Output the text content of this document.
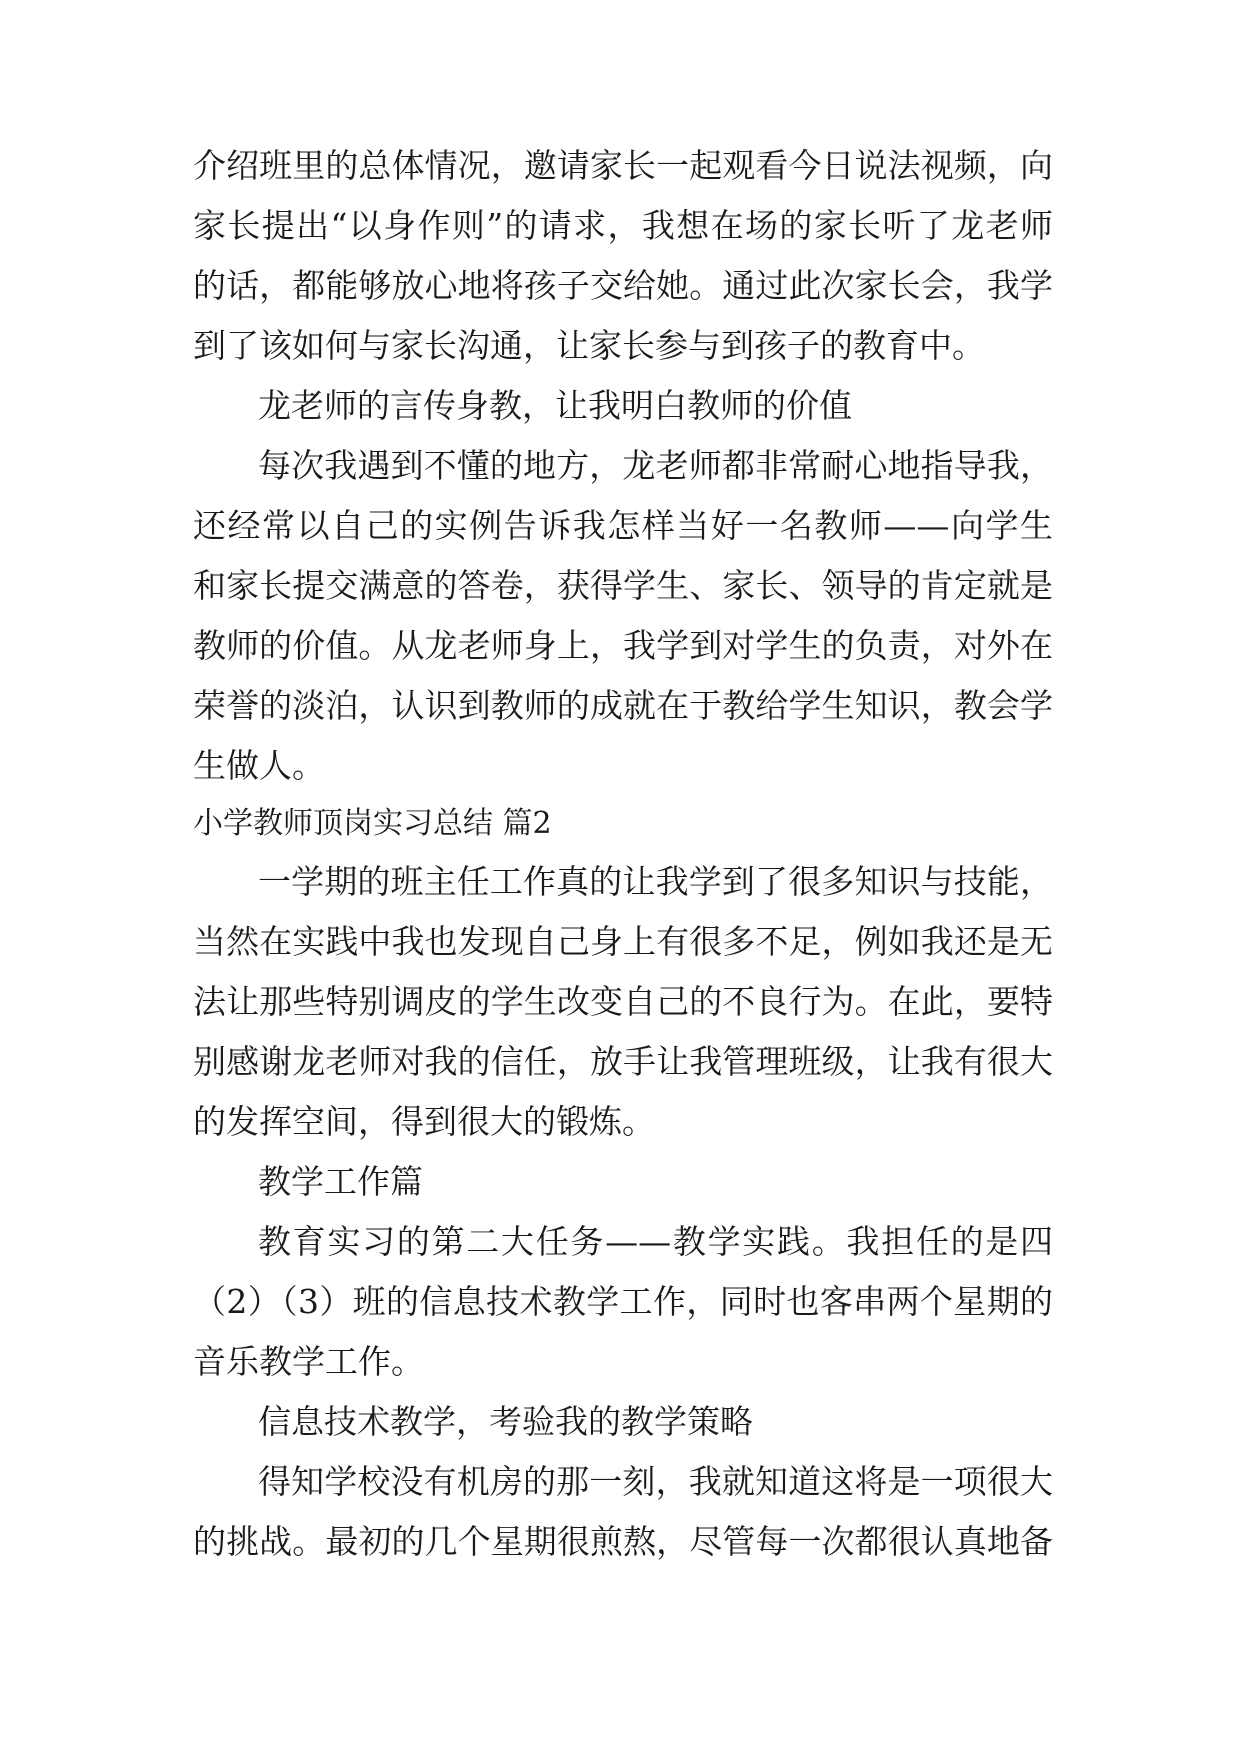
介绍班里的总体情况，邀请家长一起观看今日说法视频，向
家长提出“以身作则”的请求，我想在场的家长听了龙老师
的话，都能够放心地将孩子交给她。通过此次家长会，我学
到了该如何与家长沟通，让家长参与到孩子的教育中。
龙老师的言传身教，让我明白教师的价值
每次我遇到不懂的地方，龙老师都非常耐心地指导我，
还经常以自己的实例告诉我怎样当好一名教师——向学生
和家长提交满意的答卷，获得学生、家长、领导的肯定就是
教师的价值。从龙老师身上，我学到对学生的负责，对外在
荣誉的淡泊，认识到教师的成就在于教给学生知识，教会学
生做人。
小学教师顶岗实习总结 篇2
一学期的班主任工作真的让我学到了很多知识与技能，
当然在实践中我也发现自己身上有很多不足，例如我还是无
法让那些特别调皮的学生改变自己的不良行为。在此，要特
别感谢龙老师对我的信任，放手让我管理班级，让我有很大
的发挥空间，得到很大的锻炼。
教学工作篇
教育实习的第二大任务——教学实践。我担任的是四
（2）（3）班的信息技术教学工作，同时也客串两个星期的
音乐教学工作。
信息技术教学，考验我的教学策略
得知学校没有机房的那一刻，我就知道这将是一项很大
的挑战。最初的几个星期很煎熬，尽管每一次都很认真地备
